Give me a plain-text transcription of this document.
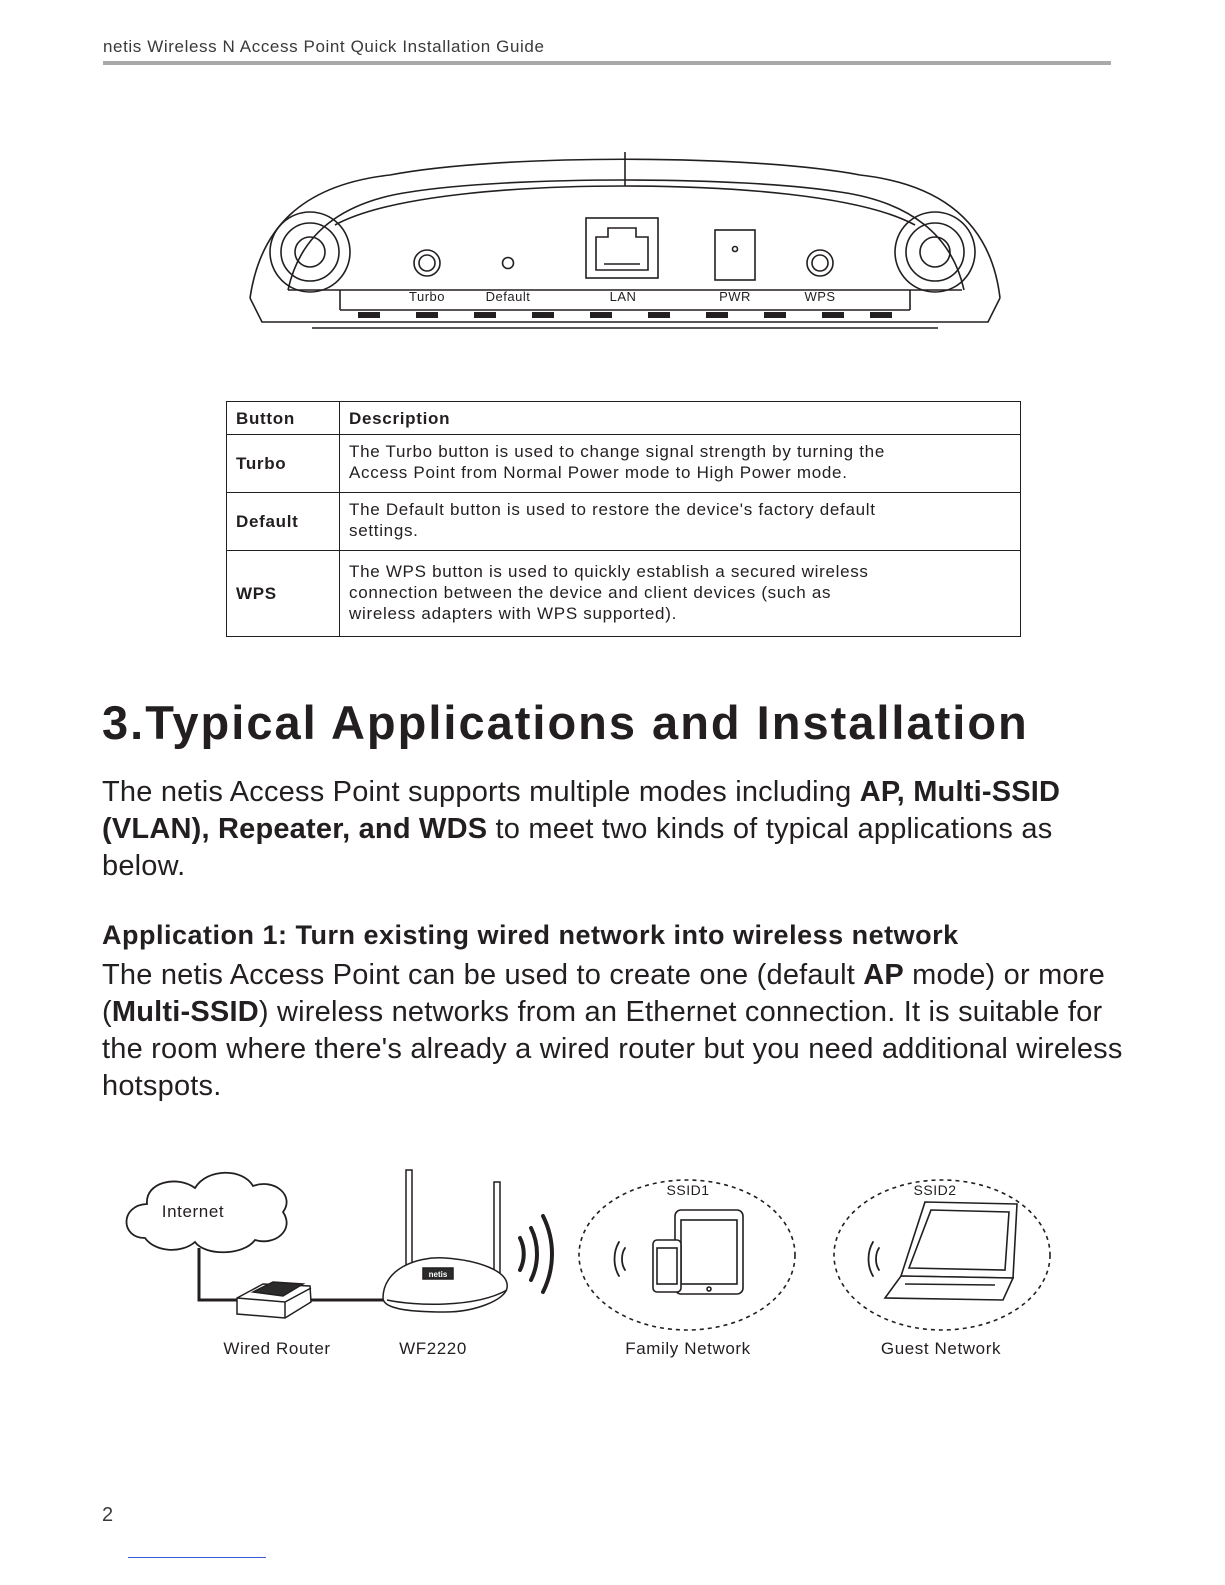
netis Wireless N Access Point Quick Installation Guide
Turbo	Default	LAN	PWR	WPS
Button	Description
Turbo	The Turbo button is used to change signal strength by turning the
Access Point from Normal Power mode to High Power mode.

Default	The Default button is used to restore the device's factory default
settings.

WPS	The WPS button is used to quickly establish a secured wireless
connection between the device and client devices (such as
wireless adapters with WPS supported).
3.Typical Applications and Installation

The netis Access Point supports multiple modes including AP, Multi-SSID (VLAN), Repeater, and WDS to meet two kinds of typical applications as below.

Application 1: Turn existing wired network into wireless network

The netis Access Point can be used to create one (default AP mode) or more (Multi-SSID) wireless networks from an Ethernet connection. It is suitable for the room where there's already a wired router but you need additional wireless hotspots.

Internet
netis
SSID1	SSID2
Wired Router	WF2220	Family Network	Guest Network
2
